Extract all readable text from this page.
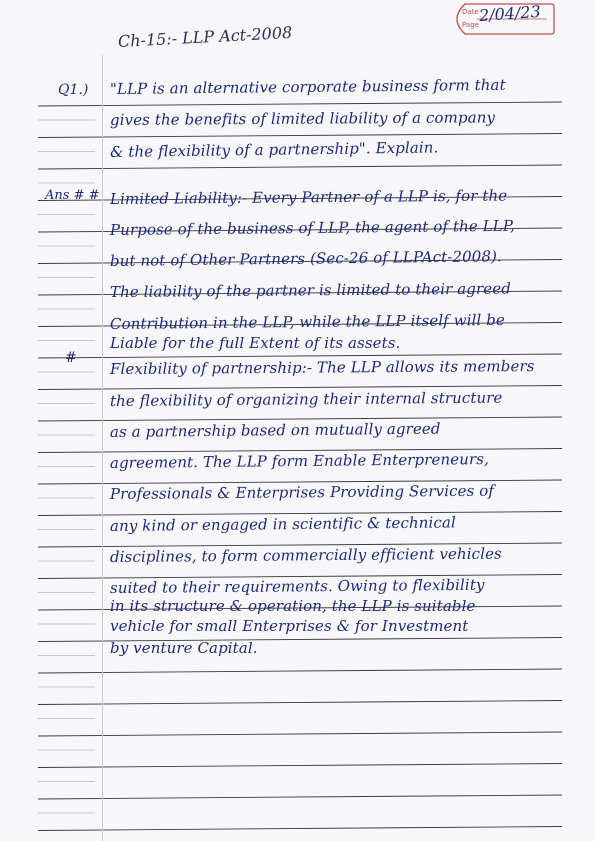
Date
Page 2/04/23
Ch-15:- LLP Act-2008
Q1.) "LLP is an alternative corporate business form that
gives the benefits of limited liability of a company
& the flexibility of a partnership". Explain.
Ans # # Limited Liability:- Every Partner of a LLP is, for the
Purpose of the business of LLP, the agent of the LLP,
but not of Other Partners (Sec-26 of LLPAct-2008).
The liability of the partner is limited to their agreed
Contribution in the LLP, while the LLP itself will be
Liable for the full Extent of its assets.
# Flexibility of partnership:- The LLP allows its members
the flexibility of organizing their internal structure
as a partnership based on mutually agreed
agreement. The LLP form Enable Enterpreneurs,
Professionals & Enterprises Providing Services of
any kind or engaged in scientific & technical
disciplines, to form commercially efficient vehicles
suited to their requirements. Owing to flexibility
in its structure & operation, the LLP is suitable
vehicle for small Enterprises & for Investment
by venture Capital.
